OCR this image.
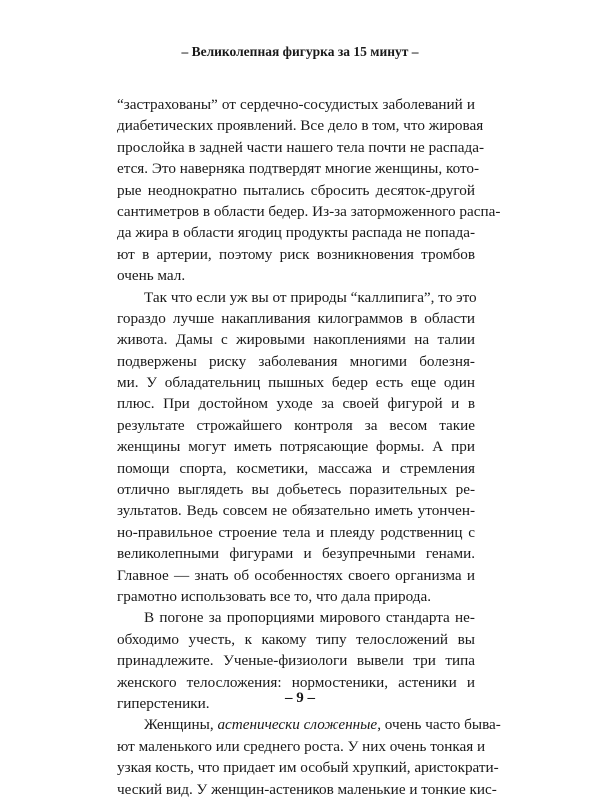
– Великолепная фигурка за 15 минут –
“застрахованы” от сердечно-сосудистых заболеваний и
диабетических проявлений. Все дело в том, что жировая
прослойка в задней части нашего тела почти не распада-
ется. Это наверняка подтвердят многие женщины, кото-
рые неоднократно пытались сбросить десяток-другой
сантиметров в области бедер. Из-за заторможенного распа-
да жира в области ягодиц продукты распада не попада-
ют в артерии, поэтому риск возникновения тромбов
очень мал.
Так что если уж вы от природы “каллипига”, то это
гораздо лучше накапливания килограммов в области
живота. Дамы с жировыми накоплениями на талии
подвержены риску заболевания многими болезня-
ми. У обладательниц пышных бедер есть еще один
плюс. При достойном уходе за своей фигурой и в
результате строжайшего контроля за весом такие
женщины могут иметь потрясающие формы. А при
помощи спорта, косметики, массажа и стремления
отлично выглядеть вы добьетесь поразительных ре-
зультатов. Ведь совсем не обязательно иметь утончен-
но-правильное строение тела и плеяду родственниц с
великолепными фигурами и безупречными генами.
Главное — знать об особенностях своего организма и
грамотно использовать все то, что дала природа.
В погоне за пропорциями мирового стандарта не-
обходимо учесть, к какому типу телосложений вы
принадлежите. Ученые-физиологи вывели три типа
женского телосложения: нормостеники, астеники и
гиперстеники.
Женщины, астенически сложенные, очень часто быва-
ют маленького или среднего роста. У них очень тонкая и
узкая кость, что придает им особый хрупкий, аристократи-
ческий вид. У женщин-астеников маленькие и тонкие кис-
– 9 –
